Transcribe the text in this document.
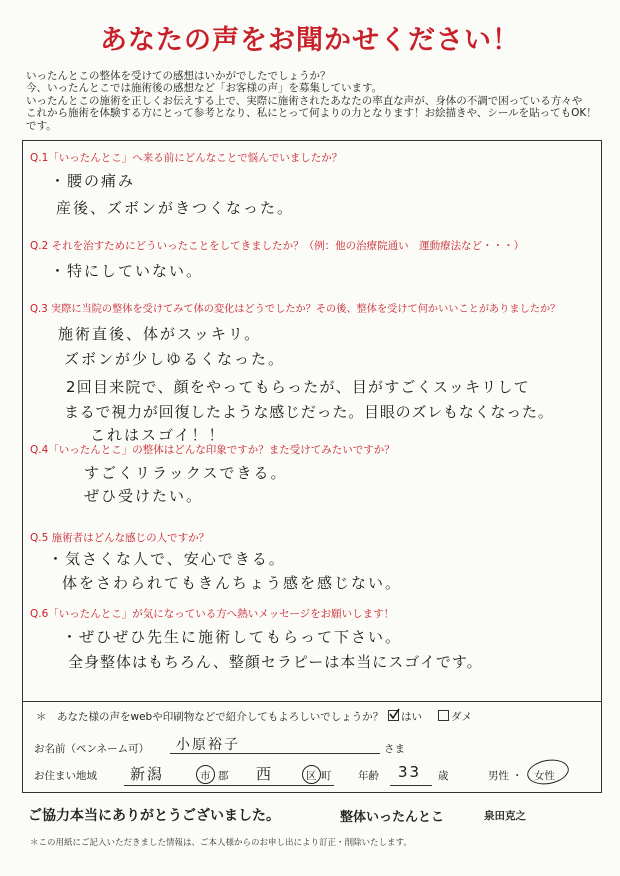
あなたの声をお聞かせください！
いったんとこの整体を受けての感想はいかがでしたでしょうか？
今、いったんとこでは施術後の感想など「お客様の声」を募集しています。
いったんとこの施術を正しくお伝えする上で、実際に施術されたあなたの率直な声が、身体の不調で困っている方々や
これから施術を体験する方にとって参考となり、私にとって何よりの力となります！お絵描きや、シールを貼ってもOK！
です。
Q.1「いったんとこ」へ来る前にどんなことで悩んでいましたか？
・腰の痛み
産後、ズボンがきつくなった。
Q.2 それを治すためにどういったことをしてきましたか？（例：他の治療院通い　運動療法など・・・）
・特にしていない。
Q.3 実際に当院の整体を受けてみて体の変化はどうでしたか？その後、整体を受けて何かいいことがありましたか？
施術直後、体がスッキリ。
ズボンが少しゆるくなった。
2回目来院で、顔をやってもらったが、目がすごくスッキリして
まるで視力が回復したような感じだった。目眼のズレもなくなった。
これはスゴイ！！
Q.4「いったんとこ」の整体はどんな印象ですか？また受けてみたいですか？
すごくリラックスできる。
ぜひ受けたい。
Q.5 施術者はどんな感じの人ですか？
・気さくな人で、安心できる。
体をさわられてもきんちょう感を感じない。
Q.6「いったんとこ」が気になっている方へ熱いメッセージをお願いします！
・ぜひぜひ先生に施術してもらって下さい。
全身整体はもちろん、整顔セラピーは本当にスゴイです。
＊　あなた様の声をwebや印刷物などで紹介してもよろしいでしょうか？	はい	ダメ
お名前（ペンネーム可） 小原裕子	さま
お住まい地域 新潟	市 郡 西	区 町	年齢 33 歳	男性 ・ 女性
ご協力本当にありがとうございました。	整体いったんとこ	泉田克之
＊この用紙にご記入いただきました情報は、ご本人様からのお申し出により訂正・削除いたします。
